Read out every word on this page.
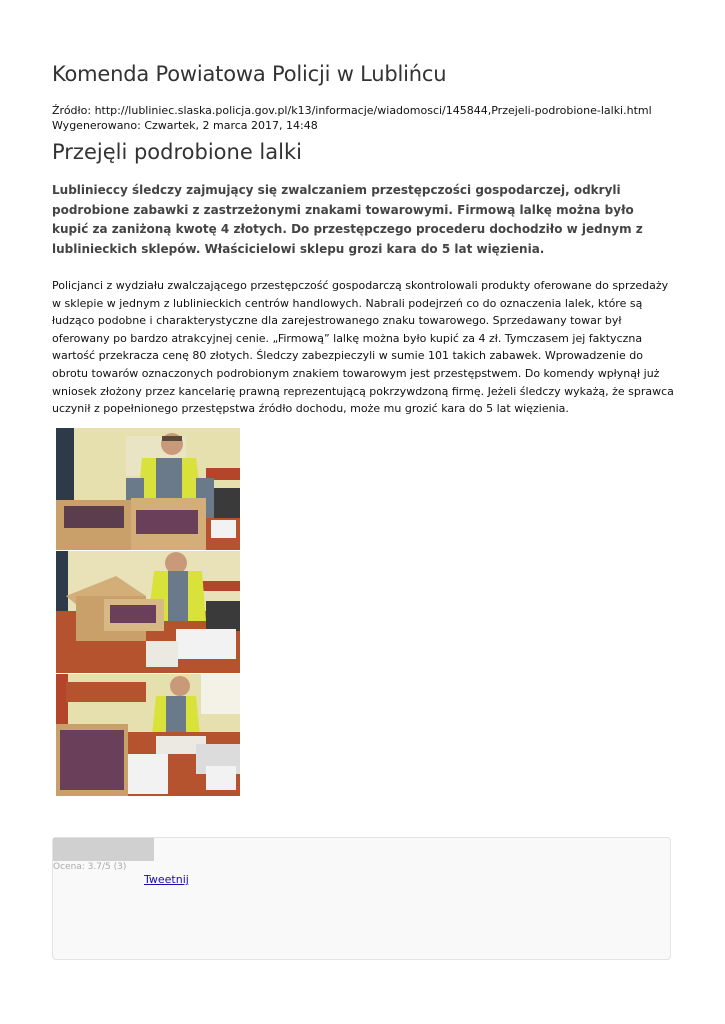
Komenda Powiatowa Policji w Lublińcu
Źródło: http://lubliniec.slaska.policja.gov.pl/k13/informacje/wiadomosci/145844,Przejeli-podrobione-lalki.html
Wygenerowano: Czwartek, 2 marca 2017, 14:48
Przejęli podrobione lalki

Lublinieccy śledczy zajmujący się zwalczaniem przestępczości gospodarczej, odkryli podrobione zabawki z zastrzeżonymi znakami towarowymi. Firmową lalkę można było kupić za zaniżoną kwotę 4 złotych. Do przestępczego procederu dochodziło w jednym z lublinieckich sklepów. Właścicielowi sklepu grozi kara do 5 lat więzienia.

Policjanci z wydziału zwalczającego przestępczość gospodarczą skontrolowali produkty oferowane do sprzedaży w sklepie w jednym z lublinieckich centrów handlowych. Nabrali podejrzeń co do oznaczenia lalek, które są łudząco podobne i charakterystyczne dla zarejestrowanego znaku towarowego. Sprzedawany towar był oferowany po bardzo atrakcyjnej cenie. „Firmową” lalkę można było kupić za 4 zł. Tymczasem jej faktyczna wartość przekracza cenę 80 złotych. Śledczy zabezpieczyli w sumie 101 takich zabawek. Wprowadzenie do obrotu towarów oznaczonych podrobionym znakiem towarowym jest przestępstwem. Do komendy wpłynął już wniosek złożony przez kancelarię prawną reprezentującą pokrzywdzoną firmę. Jeżeli śledczy wykażą, że sprawca uczynił z popełnionego przestępstwa źródło dochodu, może mu grozić kara do 5 lat więzienia.

Ocena: 3.7/5 (3)
Tweetnij
